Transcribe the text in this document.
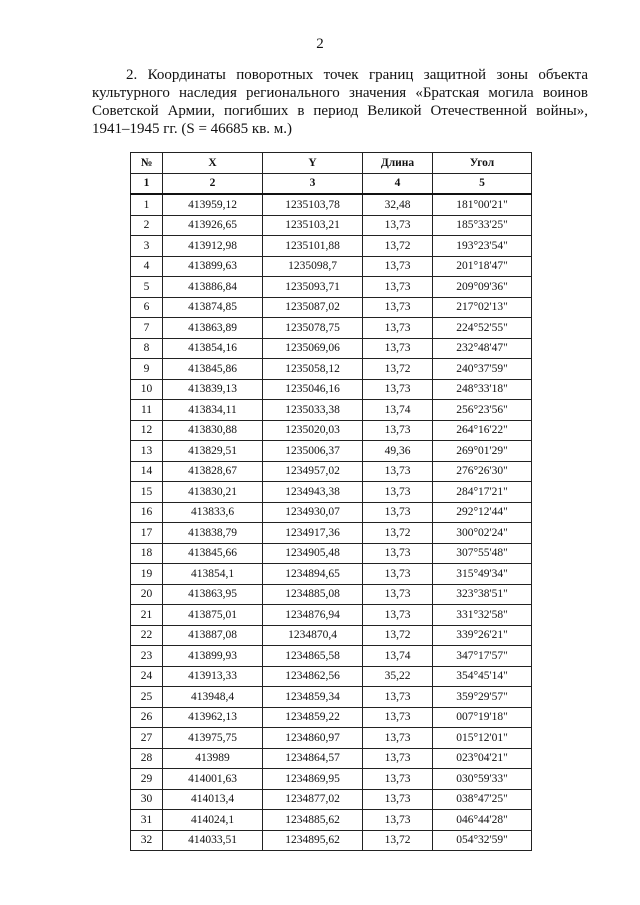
2
2. Координаты поворотных точек границ защитной зоны объекта культурного наследия регионального значения «Братская могила воинов Советской Армии, погибших в период Великой Отечественной войны», 1941–1945 гг. (S = 46685 кв. м.)
№	X	Y	Длина	Угол
1	2	3	4	5
1	413959,12	1235103,78	32,48	181°00'21"
2	413926,65	1235103,21	13,73	185°33'25"
3	413912,98	1235101,88	13,72	193°23'54"
4	413899,63	1235098,7	13,73	201°18'47"
5	413886,84	1235093,71	13,73	209°09'36"
6	413874,85	1235087,02	13,73	217°02'13"
7	413863,89	1235078,75	13,73	224°52'55"
8	413854,16	1235069,06	13,73	232°48'47"
9	413845,86	1235058,12	13,72	240°37'59"
10	413839,13	1235046,16	13,73	248°33'18"
11	413834,11	1235033,38	13,74	256°23'56"
12	413830,88	1235020,03	13,73	264°16'22"
13	413829,51	1235006,37	49,36	269°01'29"
14	413828,67	1234957,02	13,73	276°26'30"
15	413830,21	1234943,38	13,73	284°17'21"
16	413833,6	1234930,07	13,73	292°12'44"
17	413838,79	1234917,36	13,72	300°02'24"
18	413845,66	1234905,48	13,73	307°55'48"
19	413854,1	1234894,65	13,73	315°49'34"
20	413863,95	1234885,08	13,73	323°38'51"
21	413875,01	1234876,94	13,73	331°32'58"
22	413887,08	1234870,4	13,72	339°26'21"
23	413899,93	1234865,58	13,74	347°17'57"
24	413913,33	1234862,56	35,22	354°45'14"
25	413948,4	1234859,34	13,73	359°29'57"
26	413962,13	1234859,22	13,73	007°19'18"
27	413975,75	1234860,97	13,73	015°12'01"
28	413989	1234864,57	13,73	023°04'21"
29	414001,63	1234869,95	13,73	030°59'33"
30	414013,4	1234877,02	13,73	038°47'25"
31	414024,1	1234885,62	13,73	046°44'28"
32	414033,51	1234895,62	13,72	054°32'59"
